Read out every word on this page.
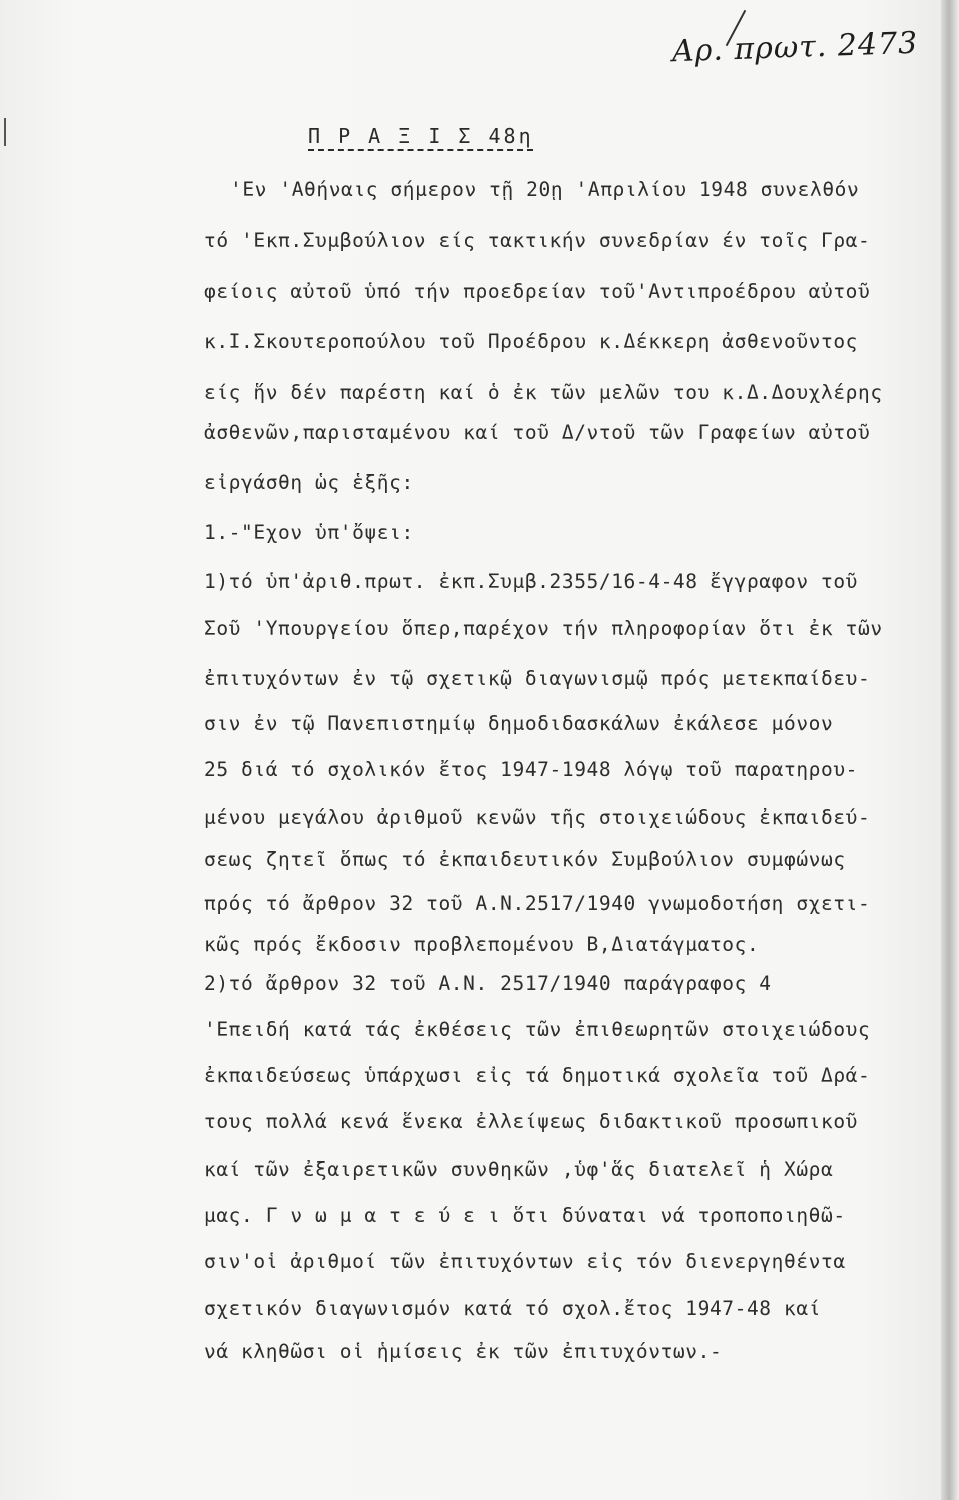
Αρ. πρωτ. 2473
Π Ρ Α Ξ Ι Σ 48η
'Εν 'Αθήναις σήμερον τῇ 20ῃ 'Απριλίου 1948 συνελθόν
τό 'Εκπ.Συμβούλιον είς τακτικήν συνεδρίαν έν τοῖς Γρα-
φείοις αὐτοῦ ὑπό τήν προεδρείαν τοῦ'Αντιπροέδρου αὐτοῦ
κ.Ι.Σκουτεροπούλου τοῦ Προέδρου κ.Δέκκερη ἀσθενοῦντος
είς ἥν δέν παρέστη καί ὁ ἐκ τῶν μελῶν του κ.Δ.Δουχλέρης
ἀσθενῶν,παρισταμένου καί τοῦ Δ/ντοῦ τῶν Γραφείων αὐτοῦ
εἰργάσθη ὡς ἑξῆς:
1.-"Εχον ὑπ'ὄψει:
1)τό ὑπ'ἀριθ.πρωτ. ἐκπ.Συμβ.2355/16-4-48 ἔγγραφον τοῦ
Σοῦ 'Υπουργείου ὅπερ,παρέχον τήν πληροφορίαν ὅτι ἐκ τῶν
ἐπιτυχόντων ἐν τῷ σχετικῷ διαγωνισμῷ πρός μετεκπαίδευ-
σιν ἐν τῷ Πανεπιστημίῳ δημοδιδασκάλων ἐκάλεσε μόνον
25 διά τό σχολικόν ἔτος 1947-1948 λόγῳ τοῦ παρατηρου-
μένου μεγάλου ἀριθμοῦ κενῶν τῆς στοιχειώδους ἐκπαιδεύ-
σεως ζητεῖ ὅπως τό ἐκπαιδευτικόν Συμβούλιον συμφώνως
πρός τό ἄρθρον 32 τοῦ Α.Ν.2517/1940 γνωμοδοτήση σχετι-
κῶς πρός ἔκδοσιν προβλεπομένου Β,Διατάγματος.
2)τό ἄρθρον 32 τοῦ Α.Ν. 2517/1940 παράγραφος 4
'Επειδή κατά τάς ἐκθέσεις τῶν ἐπιθεωρητῶν στοιχειώδους
ἐκπαιδεύσεως ὑπάρχωσι εἰς τά δημοτικά σχολεῖα τοῦ Δρά-
τους πολλά κενά ἕνεκα ἐλλείψεως διδακτικοῦ προσωπικοῦ
καί τῶν ἐξαιρετικῶν συνθηκῶν ,ὑφ'ἅς διατελεῖ ἡ Χώρα
μας. Γ ν ω μ α τ ε ύ ε ι ὅτι δύναται νά τροποποιηθῶ-
σιν'οἱ ἀριθμοί τῶν ἐπιτυχόντων εἰς τόν διενεργηθέντα
σχετικόν διαγωνισμόν κατά τό σχολ.ἔτος 1947-48 καί
νά κληθῶσι οἱ ἡμίσεις ἐκ τῶν ἐπιτυχόντων.-
